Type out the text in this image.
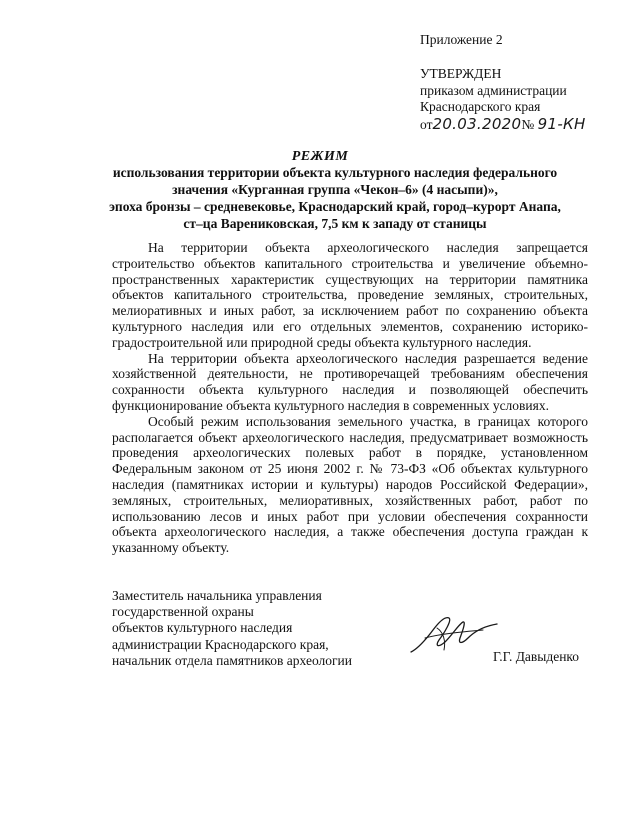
Приложение 2
УТВЕРЖДЕН
приказом администрации
Краснодарского края
от20.03.2020№ 91-КН
РЕЖИМ
использования территории объекта культурного наследия федерального
значения «Курганная группа «Чекон–6» (4 насыпи)»,
эпоха бронзы – средневековье, Краснодарский край, город–курорт Анапа,
ст–ца Варениковская, 7,5 км к западу от станицы

На территории объекта археологического наследия запрещается строительство объектов капитального строительства и увеличение объемно-пространственных характеристик существующих на территории памятника объектов капитального строительства, проведение земляных, строительных, мелиоративных и иных работ, за исключением работ по сохранению объекта культурного наследия или его отдельных элементов, сохранению историко-градостроительной или природной среды объекта культурного наследия.

На территории объекта археологического наследия разрешается ведение хозяйственной деятельности, не противоречащей требованиям обеспечения сохранности объекта культурного наследия и позволяющей обеспечить функционирование объекта культурного наследия в современных условиях.

Особый режим использования земельного участка, в границах которого располагается объект археологического наследия, предусматривает возможность проведения археологических полевых работ в порядке, установленном Федеральным законом от 25 июня 2002 г. № 73-ФЗ «Об объектах культурного наследия (памятниках истории и культуры) народов Российской Федерации», земляных, строительных, мелиоративных, хозяйственных работ, работ по использованию лесов и иных работ при условии обеспечения сохранности объекта археологического наследия, а также обеспечения доступа граждан к указанному объекту.

Заместитель начальника управления
государственной охраны
объектов культурного наследия
администрации Краснодарского края,
начальник отдела памятников археологии	Г.Г. Давыденко
